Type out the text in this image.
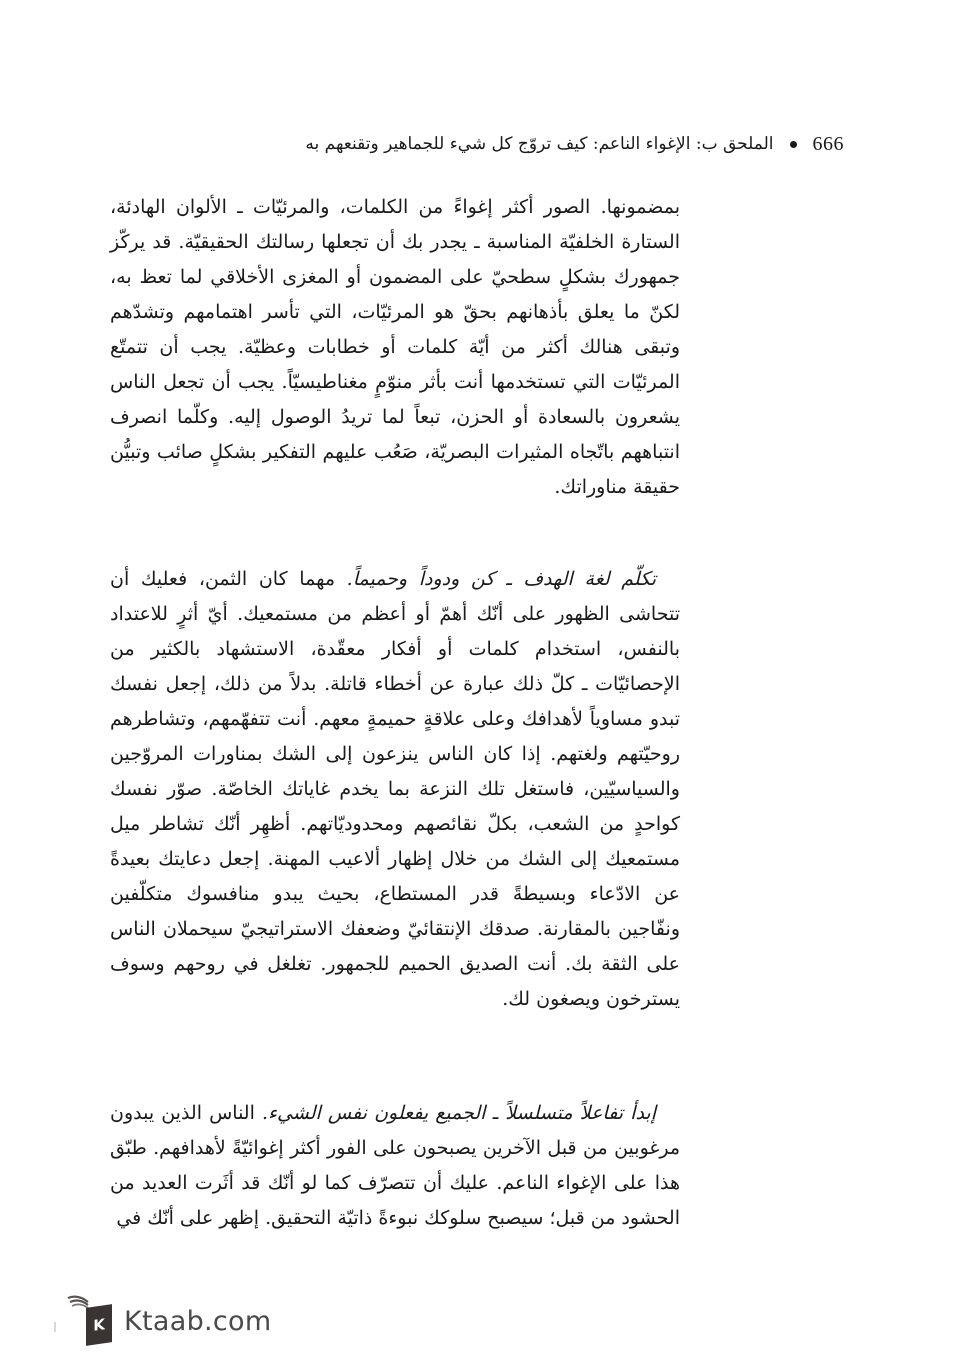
666
الملحق ب: الإغواء الناعم: كيف تروّج كل شيء للجماهير وتقنعهم به

بمضمونها. الصور أكثر إغواءً من الكلمات، والمرئيّات ـ الألوان الهادئة، الستارة الخلفيّة المناسبة ـ يجدر بك أن تجعلها رسالتك الحقيقيّة. قد يركّز جمهورك بشكلٍ سطحيّ على المضمون أو المغزى الأخلاقي لما تعظ به، لكنّ ما يعلق بأذهانهم بحقّ هو المرئيّات، التي تأسر اهتمامهم وتشدّهم وتبقى هنالك أكثر من أيّة كلمات أو خطابات وعظيّة. يجب أن تتمتّع المرئيّات التي تستخدمها أنت بأثر منوّمٍ مغناطيسيّاً. يجب أن تجعل الناس يشعرون بالسعادة أو الحزن، تبعاً لما تريدُ الوصول إليه. وكلّما انصرف انتباههم باتّجاه المثيرات البصريّة، صَعُب عليهم التفكير بشكلٍ صائب وتبيُّن حقيقة مناوراتك.

تكلّم لغة الهدف ـ كن ودوداً وحميماً. مهما كان الثمن، فعليك أن تتحاشى الظهور على أنّك أهمّ أو أعظم من مستمعيك. أيّ أثرٍ للاعتداد بالنفس، استخدام كلمات أو أفكار معقّدة، الاستشهاد بالكثير من الإحصائيّات ـ كلّ ذلك عبارة عن أخطاء قاتلة. بدلاً من ذلك، إجعل نفسك تبدو مساوياً لأهدافك وعلى علاقةٍ حميمةٍ معهم. أنت تتفهّمهم، وتشاطرهم روحيّتهم ولغتهم. إذا كان الناس ينزعون إلى الشك بمناورات المروّجين والسياسيّين، فاستغل تلك النزعة بما يخدم غاياتك الخاصّة. صوّر نفسك كواحدٍ من الشعب، بكلّ نقائصهم ومحدوديّاتهم. أظهِر أنّك تشاطر ميل مستمعيك إلى الشك من خلال إظهار ألاعيب المهنة. إجعل دعايتك بعيدةً عن الادّعاء وبسيطةً قدر المستطاع، بحيث يبدو منافسوك متكلّفين ونفّاجين بالمقارنة. صدقك الإنتقائيّ وضعفك الاستراتيجيّ سيحملان الناس على الثقة بك. أنت الصديق الحميم للجمهور. تغلغل في روحهم وسوف يسترخون ويصغون لك.

إبدأ تفاعلاً متسلسلاً ـ الجميع يفعلون نفس الشيء. الناس الذين يبدون مرغوبين من قبل الآخرين يصبحون على الفور أكثر إغوائيّةً لأهدافهم. طبّق هذا على الإغواء الناعم. عليك أن تتصرّف كما لو أنّك قد أثَرت العديد من الحشود من قبل؛ سيصبح سلوكك نبوءةً ذاتيّة التحقيق. إظهر على أنّك في

K Ktaab.com
